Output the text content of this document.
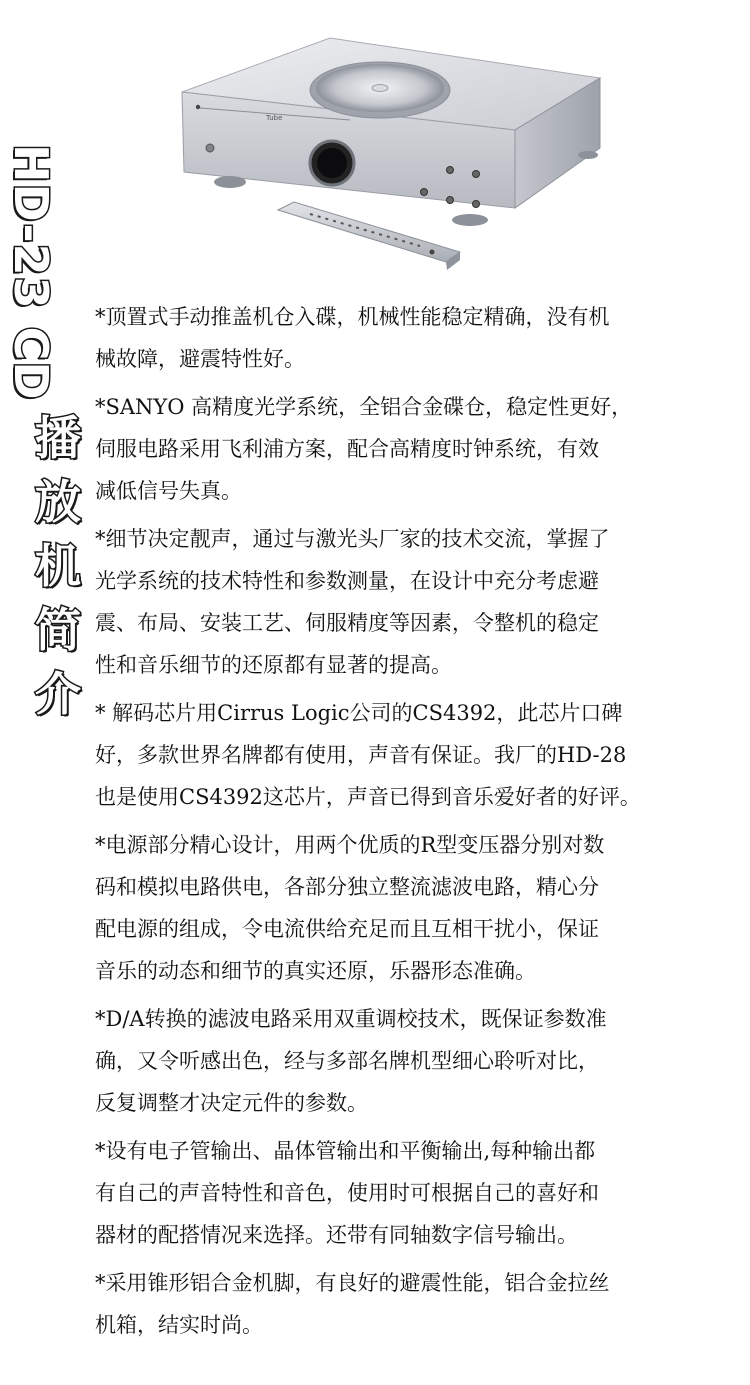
Tube
HD-23 CD
播
放
机
简
介

*顶置式手动推盖机仓入碟，机械性能稳定精确，没有机
械故障，避震特性好。

*SANYO 高精度光学系统，全铝合金碟仓，稳定性更好，
伺服电路采用飞利浦方案，配合高精度时钟系统，有效
减低信号失真。

*细节决定靓声，通过与激光头厂家的技术交流，掌握了
光学系统的技术特性和参数测量，在设计中充分考虑避
震、布局、安装工艺、伺服精度等因素，令整机的稳定
性和音乐细节的还原都有显著的提高。

* 解码芯片用Cirrus Logic公司的CS4392，此芯片口碑
好，多款世界名牌都有使用，声音有保证。我厂的HD-28
也是使用CS4392这芯片，声音已得到音乐爱好者的好评。

*电源部分精心设计，用两个优质的R型变压器分别对数
码和模拟电路供电，各部分独立整流滤波电路，精心分
配电源的组成，令电流供给充足而且互相干扰小，保证
音乐的动态和细节的真实还原，乐器形态准确。

*D/A转换的滤波电路采用双重调校技术，既保证参数准
确，又令听感出色，经与多部名牌机型细心聆听对比，
反复调整才决定元件的参数。

*设有电子管输出、晶体管输出和平衡输出,每种输出都
有自己的声音特性和音色，使用时可根据自己的喜好和
器材的配搭情况来选择。还带有同轴数字信号输出。

*采用锥形铝合金机脚，有良好的避震性能，铝合金拉丝
机箱，结实时尚。
